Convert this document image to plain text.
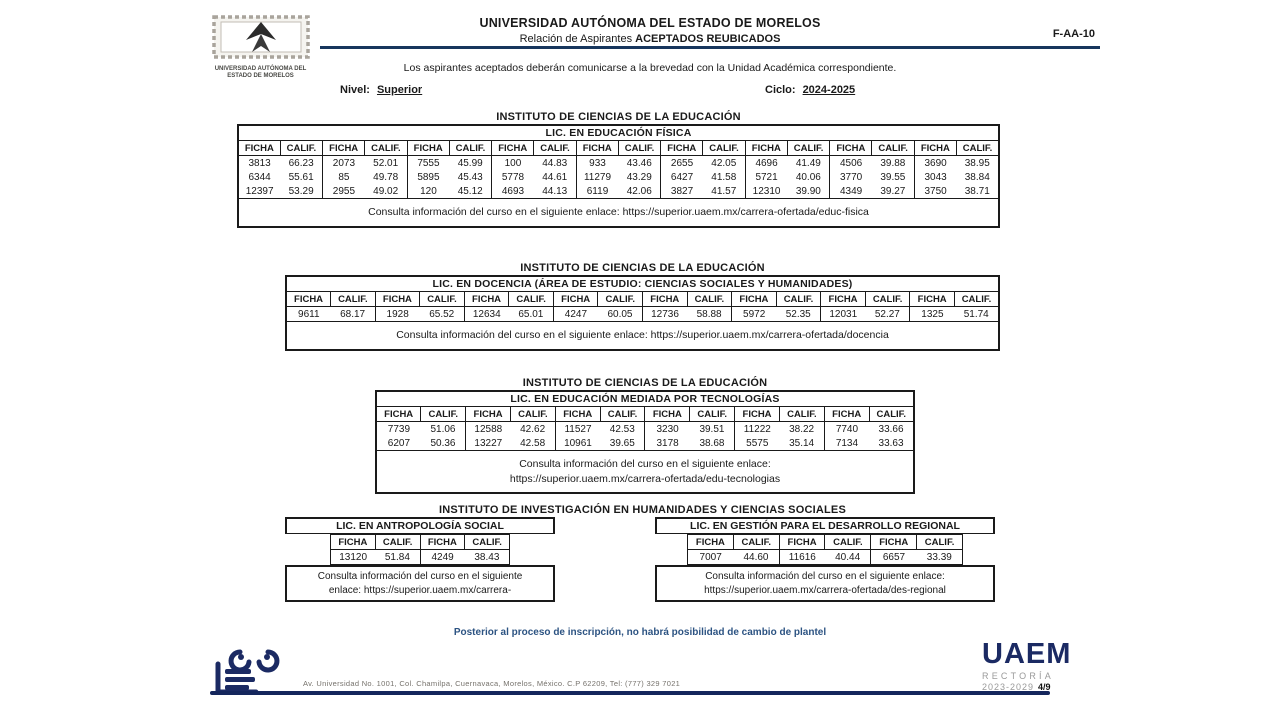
UNIVERSIDAD AUTÓNOMA DEL
ESTADO DE MORELOS
UNIVERSIDAD AUTÓNOMA DEL ESTADO DE MORELOS
Relación de Aspirantes ACEPTADOS REUBICADOS	F-AA-10
Los aspirantes aceptados deberán comunicarse a la brevedad con la Unidad Académica correspondiente.
Nivel: Superior	Ciclo: 2024-2025
INSTITUTO DE CIENCIAS DE LA EDUCACIÓN
LIC. EN EDUCACIÓN FÍSICA																	
FICHA	CALIF.	FICHA	CALIF.	FICHA	CALIF.	FICHA	CALIF.	FICHA	CALIF.	FICHA	CALIF.	FICHA	CALIF.	FICHA	CALIF.	FICHA	CALIF.
3813	66.23	2073	52.01	7555	45.99	100	44.83	933	43.46	2655	42.05	4696	41.49	4506	39.88	3690	38.95
6344	55.61	85	49.78	5895	45.43	5778	44.61	11279	43.29	6427	41.58	5721	40.06	3770	39.55	3043	38.84
12397	53.29	2955	49.02	120	45.12	4693	44.13	6119	42.06	3827	41.57	12310	39.90	4349	39.27	3750	38.71

Consulta información del curso en el siguiente enlace: https://superior.uaem.mx/carrera-ofertada/educ-fisica																	
INSTITUTO DE CIENCIAS DE LA EDUCACIÓN
LIC. EN DOCENCIA (ÁREA DE ESTUDIO: CIENCIAS SOCIALES Y HUMANIDADES)															
FICHA	CALIF.	FICHA	CALIF.	FICHA	CALIF.	FICHA	CALIF.	FICHA	CALIF.	FICHA	CALIF.	FICHA	CALIF.	FICHA	CALIF.
9611	68.17	1928	65.52	12634	65.01	4247	60.05	12736	58.88	5972	52.35	12031	52.27	1325	51.74

Consulta información del curso en el siguiente enlace: https://superior.uaem.mx/carrera-ofertada/docencia															
INSTITUTO DE CIENCIAS DE LA EDUCACIÓN
LIC. EN EDUCACIÓN MEDIADA POR TECNOLOGÍAS											
FICHA	CALIF.	FICHA	CALIF.	FICHA	CALIF.	FICHA	CALIF.	FICHA	CALIF.	FICHA	CALIF.
7739	51.06	12588	42.62	11527	42.53	3230	39.51	11222	38.22	7740	33.66
6207	50.36	13227	42.58	10961	39.65	3178	38.68	5575	35.14	7134	33.63

Consulta información del curso en el siguiente enlace:
https://superior.uaem.mx/carrera-ofertada/edu-tecnologias											
INSTITUTO DE INVESTIGACIÓN EN HUMANIDADES Y CIENCIAS SOCIALES
LIC. EN ANTROPOLOGÍA SOCIAL
FICHA	CALIF.	FICHA	CALIF.
13120	51.84	4249	38.43
Consulta información del curso en el siguiente
enlace: https://superior.uaem.mx/carrera-
LIC. EN GESTIÓN PARA EL DESARROLLO REGIONAL
FICHA	CALIF.	FICHA	CALIF.	FICHA	CALIF.
7007	44.60	11616	40.44	6657	33.39
Consulta información del curso en el siguiente enlace:
https://superior.uaem.mx/carrera-ofertada/des-regional
Posterior al proceso de inscripción, no habrá posibilidad de cambio de plantel
Av. Universidad No. 1001, Col. Chamilpa, Cuernavaca, Morelos, México. C.P 62209, Tel: (777) 329 7021
UAEM
RECTORÍA
2023-2029 4/9
